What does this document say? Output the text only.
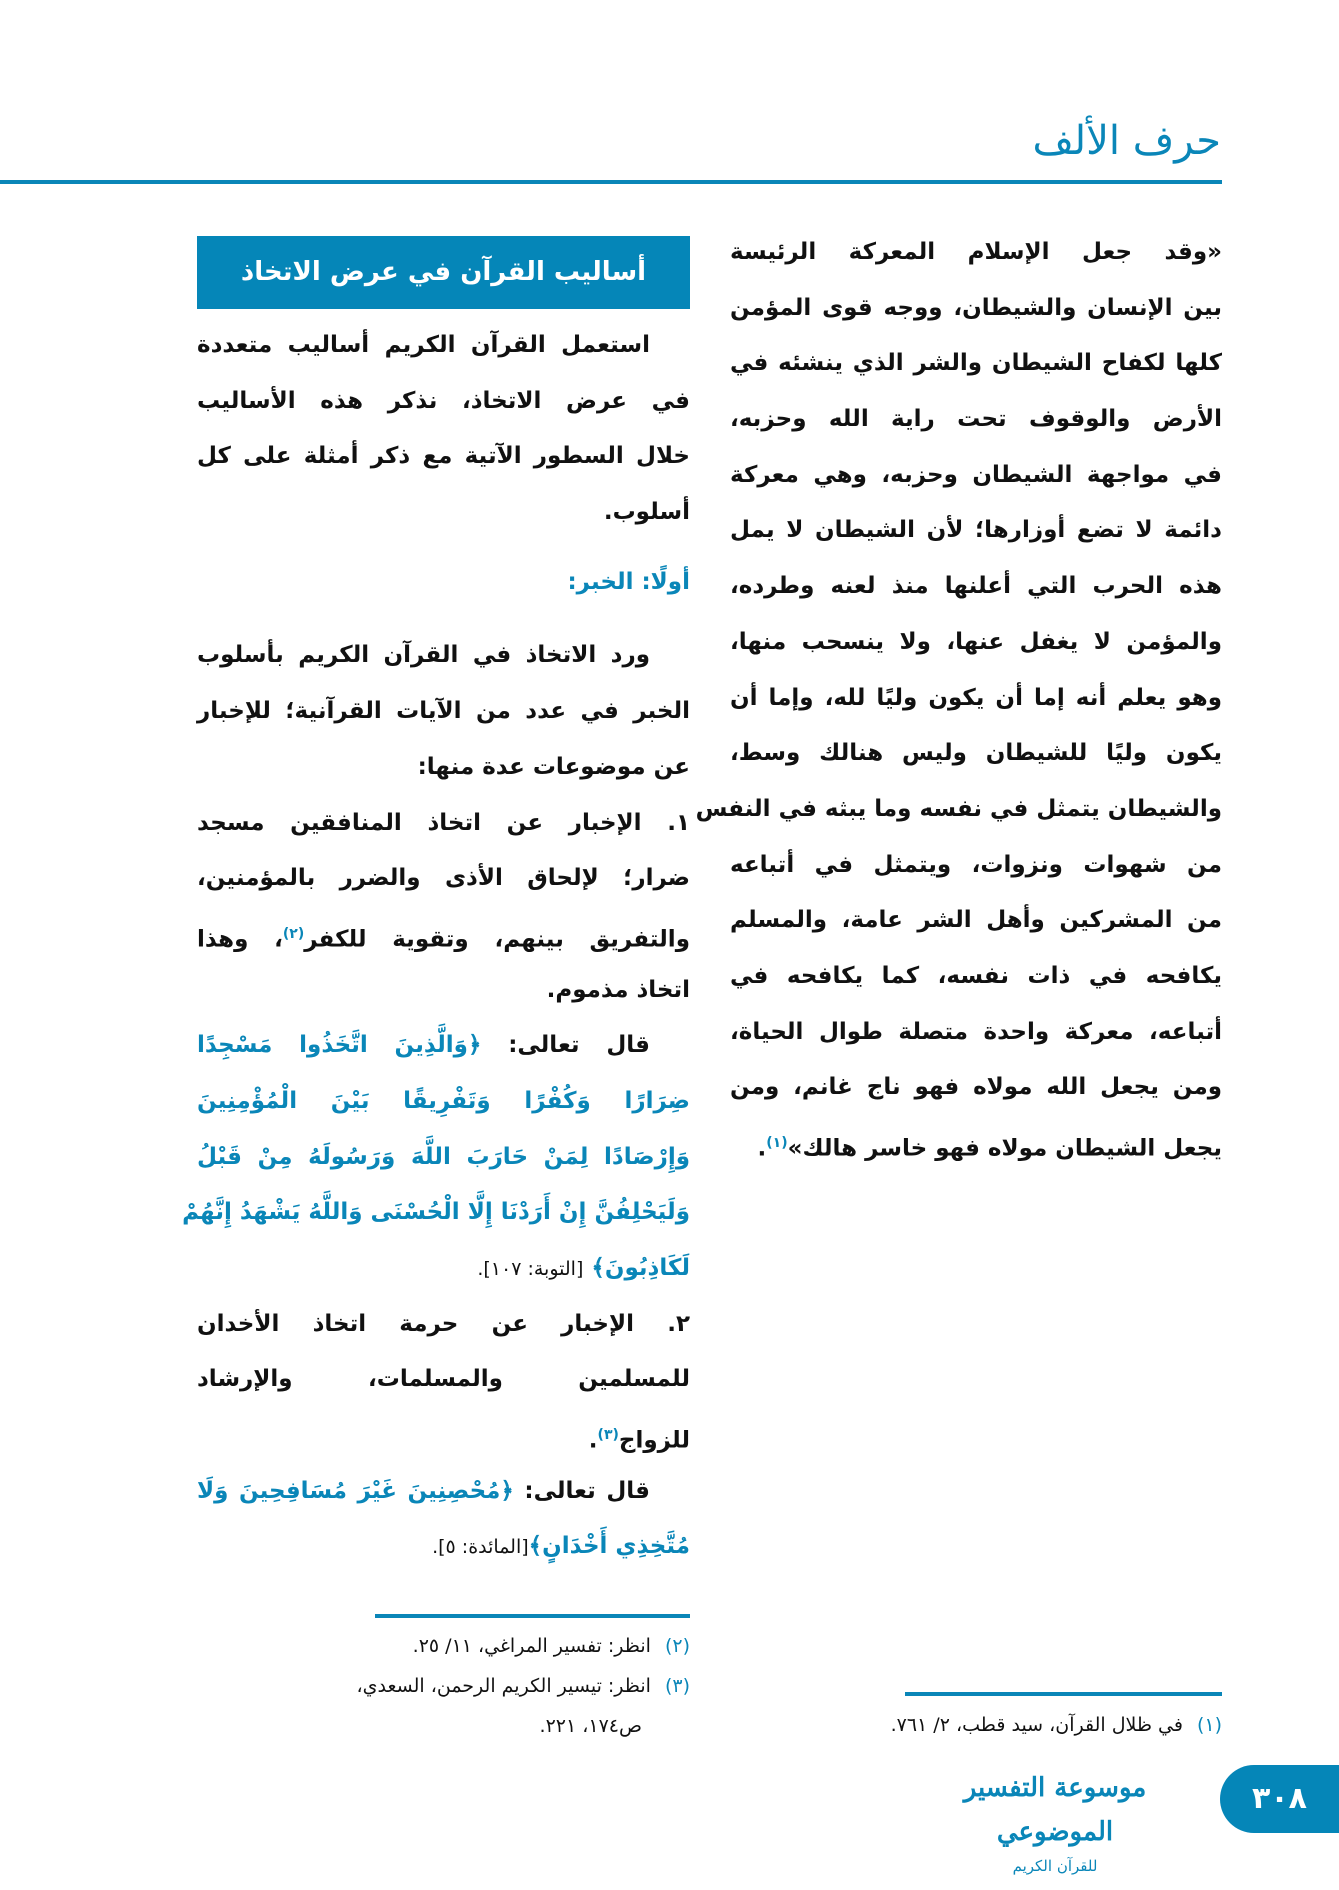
حرف الألف
«وقد جعل الإسلام المعركة الرئيسة
بين الإنسان والشيطان، ووجه قوى المؤمن
كلها لكفاح الشيطان والشر الذي ينشئه في
الأرض والوقوف تحت راية الله وحزبه،
في مواجهة الشيطان وحزبه، وهي معركة
دائمة لا تضع أوزارها؛ لأن الشيطان لا يمل
هذه الحرب التي أعلنها منذ لعنه وطرده،
والمؤمن لا يغفل عنها، ولا ينسحب منها،
وهو يعلم أنه إما أن يكون وليًا لله، وإما أن
يكون وليًا للشيطان وليس هنالك وسط،
والشيطان يتمثل في نفسه وما يبثه في النفس
من شهوات ونزوات، ويتمثل في أتباعه
من المشركين وأهل الشر عامة، والمسلم
يكافحه في ذات نفسه، كما يكافحه في
أتباعه، معركة واحدة متصلة طوال الحياة،
ومن يجعل الله مولاه فهو ناج غانم، ومن
يجعل الشيطان مولاه فهو خاسر هالك»$^{(١)}$.
أساليب القرآن في عرض الاتخاذ
استعمل القرآن الكريم أساليب متعددة
في عرض الاتخاذ، نذكر هذه الأساليب
خلال السطور الآتية مع ذكر أمثلة على كل
أسلوب.
أولًا: الخبر:
ورد الاتخاذ في القرآن الكريم بأسلوب
الخبر في عدد من الآيات القرآنية؛ للإخبار
عن موضوعات عدة منها:
١. الإخبار عن اتخاذ المنافقين مسجد
ضرار؛ لإلحاق الأذى والضرر بالمؤمنين،
والتفريق بينهم، وتقوية للكفر$^{(٢)}$، وهذا
اتخاذ مذموم.
قال تعالى: ﴿وَالَّذِينَ اتَّخَذُوا مَسْجِدًا
ضِرَارًا وَكُفْرًا وَتَفْرِيقًا بَيْنَ الْمُؤْمِنِينَ
وَإِرْصَادًا لِمَنْ حَارَبَ اللَّهَ وَرَسُولَهُ مِنْ قَبْلُ
وَلَيَحْلِفُنَّ إِنْ أَرَدْنَا إِلَّا الْحُسْنَى وَاللَّهُ يَشْهَدُ إِنَّهُمْ
لَكَاذِبُونَ﴾ [التوبة: ١٠٧].
٢. الإخبار عن حرمة اتخاذ الأخدان
للمسلمين والمسلمات، والإرشاد
للزواج$^{(٣)}$.
قال تعالى: ﴿مُحْصِنِينَ غَيْرَ مُسَافِحِينَ وَلَا
مُتَّخِذِي أَخْدَانٍ﴾[المائدة: ٥].
(٢)انظر: تفسير المراغي، ١١/ ٢٥.
(٣)انظر: تيسير الكريم الرحمن، السعدي،
ص١٧٤، ٢٢١.	(١)في ظلال القرآن، سيد قطب، ٢/ ٧٦١.
موسوعة التفسير الموضوعي
للقرآن الكريم
٣٠٨
